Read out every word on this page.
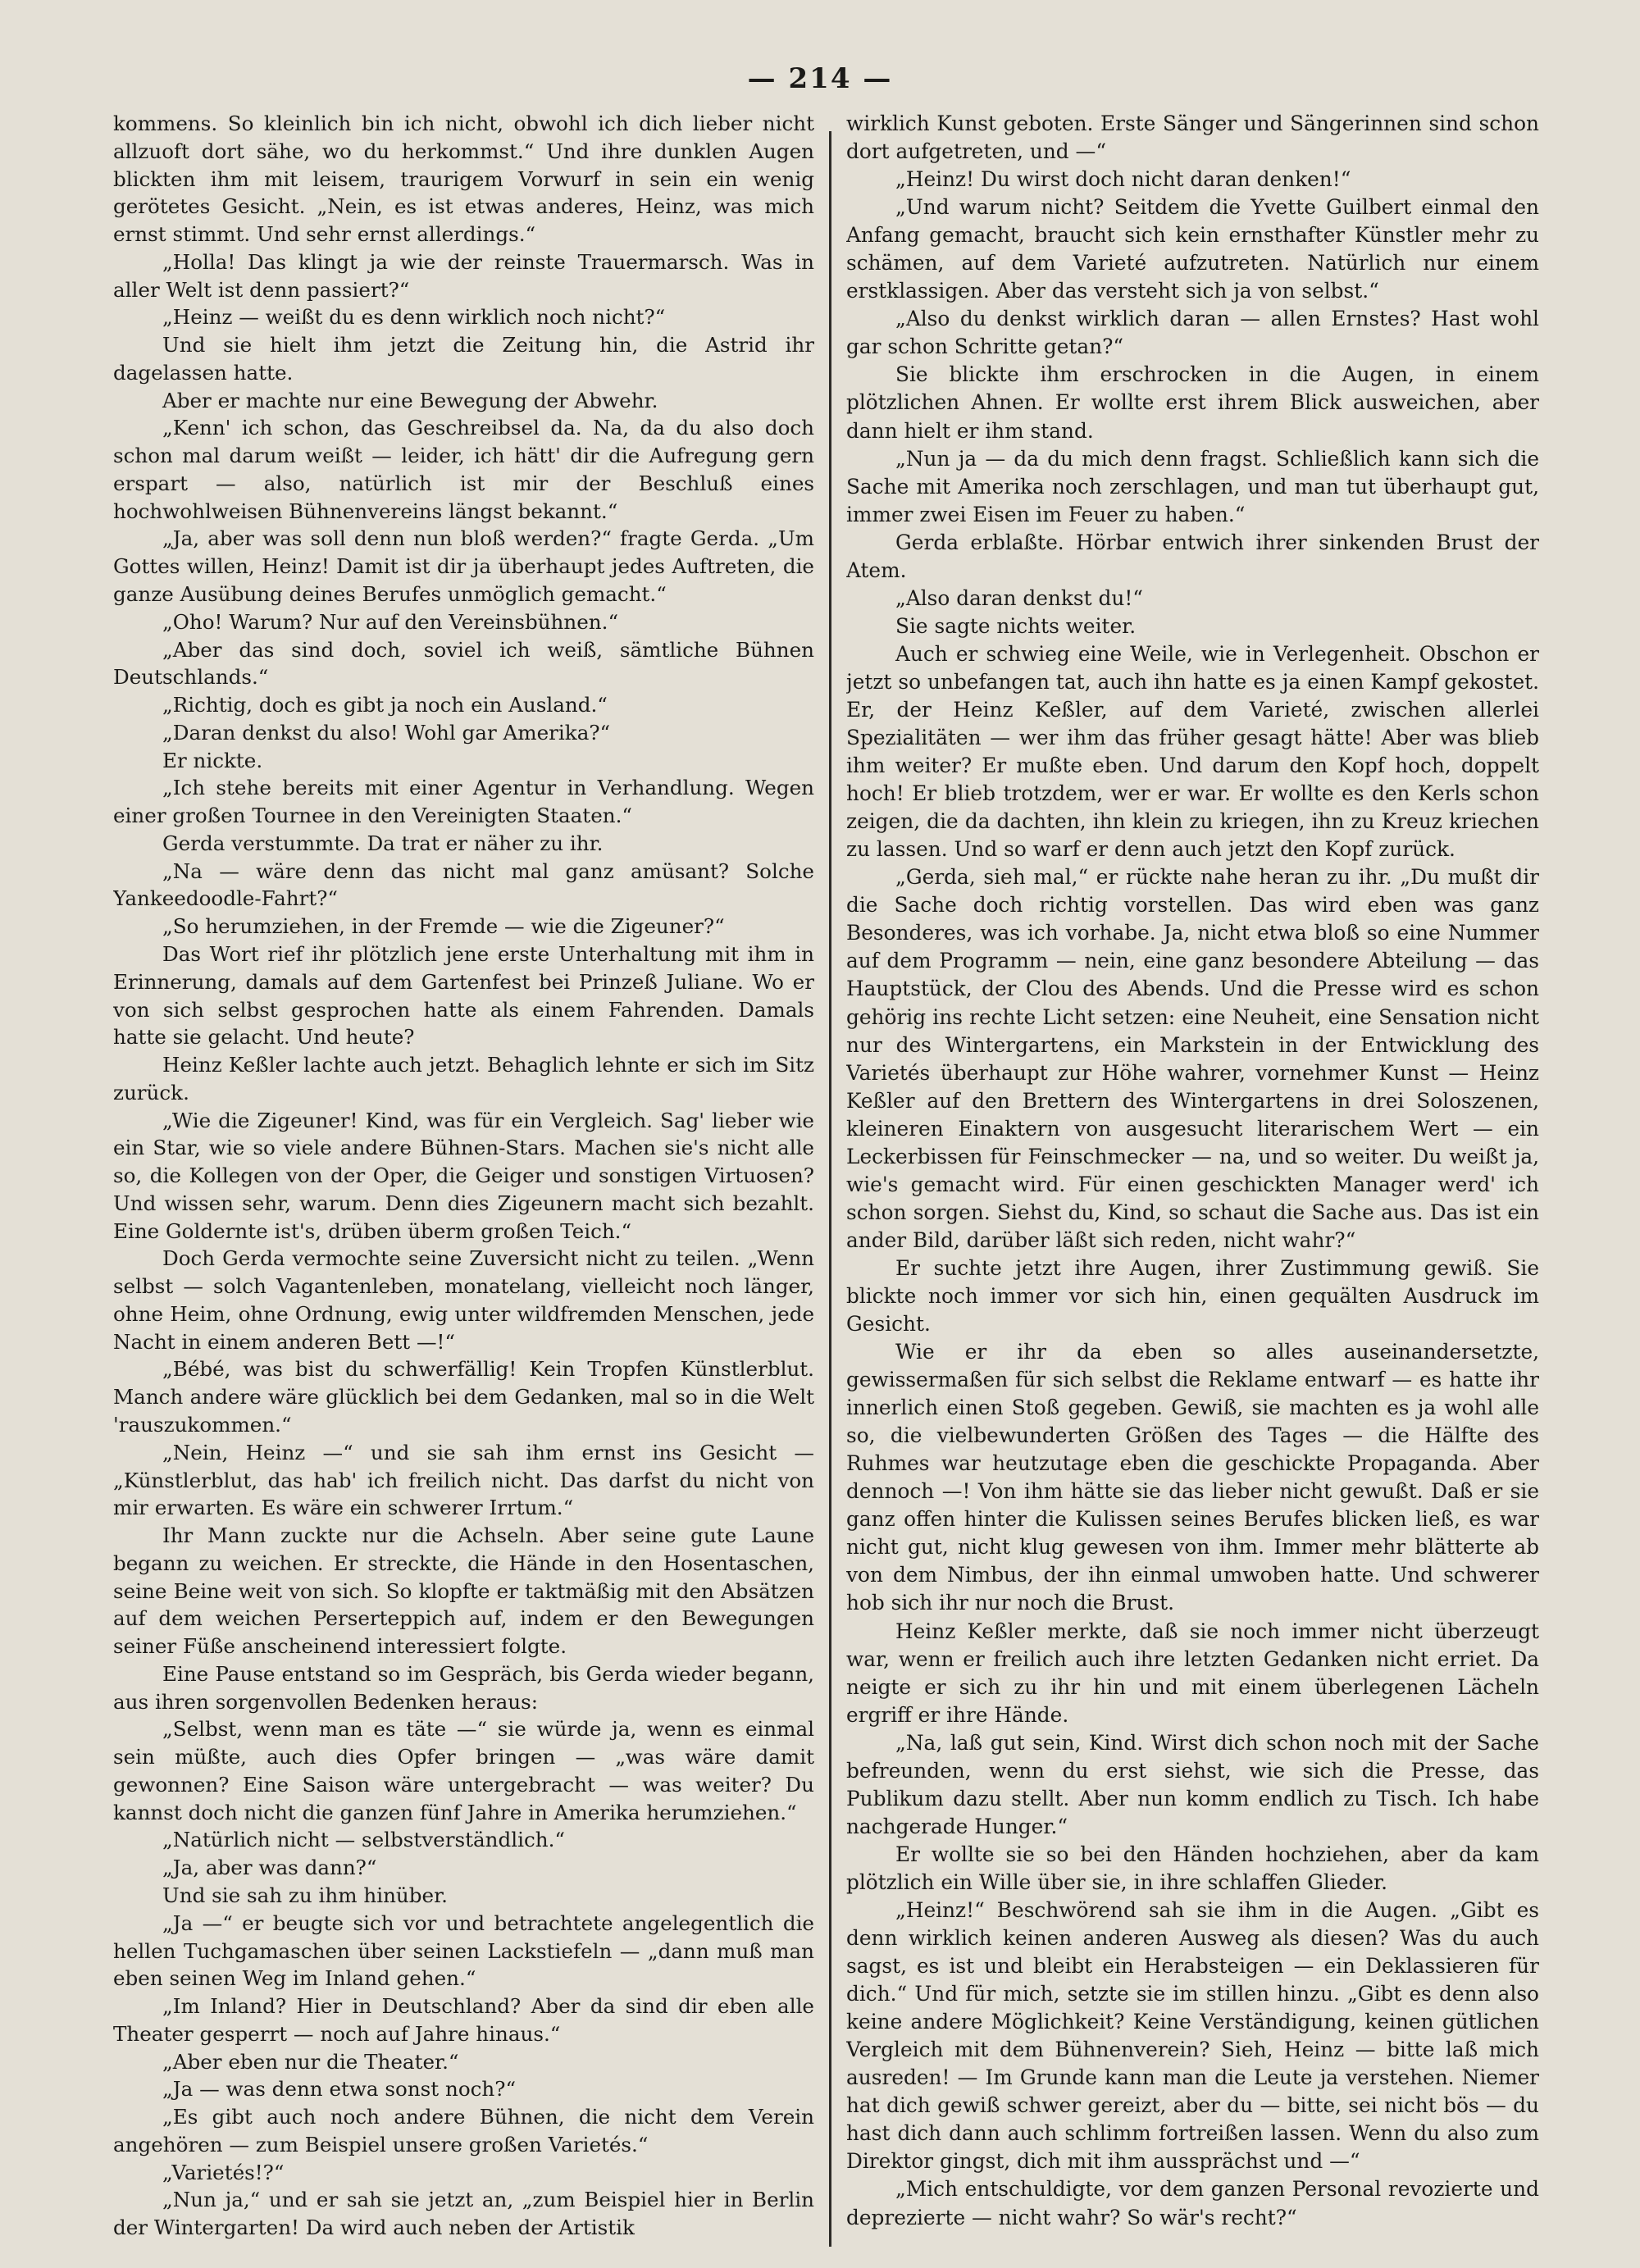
— 214 —

kommens. So kleinlich bin ich nicht, obwohl ich dich lieber nicht allzuoft dort sähe, wo du herkommst.“ Und ihre dunklen Augen blickten ihm mit leisem, traurigem Vorwurf in sein ein wenig gerötetes Gesicht. „Nein, es ist etwas anderes, Heinz, was mich ernst stimmt. Und sehr ernst allerdings.“

„Holla! Das klingt ja wie der reinste Trauermarsch. Was in aller Welt ist denn passiert?“

„Heinz — weißt du es denn wirklich noch nicht?“

Und sie hielt ihm jetzt die Zeitung hin, die Astrid ihr dagelassen hatte.

Aber er machte nur eine Bewegung der Abwehr.

„Kenn' ich schon, das Geschreibsel da. Na, da du also doch schon mal darum weißt — leider, ich hätt' dir die Aufregung gern erspart — also, natürlich ist mir der Beschluß eines hochwohlweisen Bühnenvereins längst bekannt.“

„Ja, aber was soll denn nun bloß werden?“ fragte Gerda. „Um Gottes willen, Heinz! Damit ist dir ja überhaupt jedes Auftreten, die ganze Ausübung deines Berufes unmöglich gemacht.“

„Oho! Warum? Nur auf den Vereinsbühnen.“

„Aber das sind doch, soviel ich weiß, sämtliche Bühnen Deutschlands.“

„Richtig, doch es gibt ja noch ein Ausland.“

„Daran denkst du also! Wohl gar Amerika?“

Er nickte.

„Ich stehe bereits mit einer Agentur in Verhandlung. Wegen einer großen Tournee in den Vereinigten Staaten.“

Gerda verstummte. Da trat er näher zu ihr.

„Na — wäre denn das nicht mal ganz amüsant? Solche Yankeedoodle-Fahrt?“

„So herumziehen, in der Fremde — wie die Zigeuner?“

Das Wort rief ihr plötzlich jene erste Unterhaltung mit ihm in Erinnerung, damals auf dem Gartenfest bei Prinzeß Juliane. Wo er von sich selbst gesprochen hatte als einem Fahrenden. Damals hatte sie gelacht. Und heute?

Heinz Keßler lachte auch jetzt. Behaglich lehnte er sich im Sitz zurück.

„Wie die Zigeuner! Kind, was für ein Vergleich. Sag' lieber wie ein Star, wie so viele andere Bühnen-Stars. Machen sie's nicht alle so, die Kollegen von der Oper, die Geiger und sonstigen Virtuosen? Und wissen sehr, warum. Denn dies Zigeunern macht sich bezahlt. Eine Goldernte ist's, drüben überm großen Teich.“

Doch Gerda vermochte seine Zuversicht nicht zu teilen. „Wenn selbst — solch Vagantenleben, monatelang, vielleicht noch länger, ohne Heim, ohne Ordnung, ewig unter wildfremden Menschen, jede Nacht in einem anderen Bett —!“

„Bébé, was bist du schwerfällig! Kein Tropfen Künstlerblut. Manch andere wäre glücklich bei dem Gedanken, mal so in die Welt 'rauszukommen.“

„Nein, Heinz —“ und sie sah ihm ernst ins Gesicht — „Künstlerblut, das hab' ich freilich nicht. Das darfst du nicht von mir erwarten. Es wäre ein schwerer Irrtum.“

Ihr Mann zuckte nur die Achseln. Aber seine gute Laune begann zu weichen. Er streckte, die Hände in den Hosentaschen, seine Beine weit von sich. So klopfte er taktmäßig mit den Absätzen auf dem weichen Perserteppich auf, indem er den Bewegungen seiner Füße anscheinend interessiert folgte.

Eine Pause entstand so im Gespräch, bis Gerda wieder begann, aus ihren sorgenvollen Bedenken heraus:

„Selbst, wenn man es täte —“ sie würde ja, wenn es einmal sein müßte, auch dies Opfer bringen — „was wäre damit gewonnen? Eine Saison wäre untergebracht — was weiter? Du kannst doch nicht die ganzen fünf Jahre in Amerika herumziehen.“

„Natürlich nicht — selbstverständlich.“

„Ja, aber was dann?“

Und sie sah zu ihm hinüber.

„Ja —“ er beugte sich vor und betrachtete angelegentlich die hellen Tuchgamaschen über seinen Lackstiefeln — „dann muß man eben seinen Weg im Inland gehen.“

„Im Inland? Hier in Deutschland? Aber da sind dir eben alle Theater gesperrt — noch auf Jahre hinaus.“

„Aber eben nur die Theater.“

„Ja — was denn etwa sonst noch?“

„Es gibt auch noch andere Bühnen, die nicht dem Verein angehören — zum Beispiel unsere großen Varietés.“

„Varietés!?“

„Nun ja,“ und er sah sie jetzt an, „zum Beispiel hier in Berlin der Wintergarten! Da wird auch neben der Artistik

wirklich Kunst geboten. Erste Sänger und Sängerinnen sind schon dort aufgetreten, und —“

„Heinz! Du wirst doch nicht daran denken!“

„Und warum nicht? Seitdem die Yvette Guilbert einmal den Anfang gemacht, braucht sich kein ernsthafter Künstler mehr zu schämen, auf dem Varieté aufzutreten. Natürlich nur einem erstklassigen. Aber das versteht sich ja von selbst.“

„Also du denkst wirklich daran — allen Ernstes? Hast wohl gar schon Schritte getan?“

Sie blickte ihm erschrocken in die Augen, in einem plötzlichen Ahnen. Er wollte erst ihrem Blick ausweichen, aber dann hielt er ihm stand.

„Nun ja — da du mich denn fragst. Schließlich kann sich die Sache mit Amerika noch zerschlagen, und man tut überhaupt gut, immer zwei Eisen im Feuer zu haben.“

Gerda erblaßte. Hörbar entwich ihrer sinkenden Brust der Atem.

„Also daran denkst du!“

Sie sagte nichts weiter.

Auch er schwieg eine Weile, wie in Verlegenheit. Obschon er jetzt so unbefangen tat, auch ihn hatte es ja einen Kampf gekostet. Er, der Heinz Keßler, auf dem Varieté, zwischen allerlei Spezialitäten — wer ihm das früher gesagt hätte! Aber was blieb ihm weiter? Er mußte eben. Und darum den Kopf hoch, doppelt hoch! Er blieb trotzdem, wer er war. Er wollte es den Kerls schon zeigen, die da dachten, ihn klein zu kriegen, ihn zu Kreuz kriechen zu lassen. Und so warf er denn auch jetzt den Kopf zurück.

„Gerda, sieh mal,“ er rückte nahe heran zu ihr. „Du mußt dir die Sache doch richtig vorstellen. Das wird eben was ganz Besonderes, was ich vorhabe. Ja, nicht etwa bloß so eine Nummer auf dem Programm — nein, eine ganz besondere Abteilung — das Hauptstück, der Clou des Abends. Und die Presse wird es schon gehörig ins rechte Licht setzen: eine Neuheit, eine Sensation nicht nur des Wintergartens, ein Markstein in der Entwicklung des Varietés überhaupt zur Höhe wahrer, vornehmer Kunst — Heinz Keßler auf den Brettern des Wintergartens in drei Soloszenen, kleineren Einaktern von ausgesucht literarischem Wert — ein Leckerbissen für Feinschmecker — na, und so weiter. Du weißt ja, wie's gemacht wird. Für einen geschickten Manager werd' ich schon sorgen. Siehst du, Kind, so schaut die Sache aus. Das ist ein ander Bild, darüber läßt sich reden, nicht wahr?“

Er suchte jetzt ihre Augen, ihrer Zustimmung gewiß. Sie blickte noch immer vor sich hin, einen gequälten Ausdruck im Gesicht.

Wie er ihr da eben so alles auseinandersetzte, gewissermaßen für sich selbst die Reklame entwarf — es hatte ihr innerlich einen Stoß gegeben. Gewiß, sie machten es ja wohl alle so, die vielbewunderten Größen des Tages — die Hälfte des Ruhmes war heutzutage eben die geschickte Propaganda. Aber dennoch —! Von ihm hätte sie das lieber nicht gewußt. Daß er sie ganz offen hinter die Kulissen seines Berufes blicken ließ, es war nicht gut, nicht klug gewesen von ihm. Immer mehr blätterte ab von dem Nimbus, der ihn einmal umwoben hatte. Und schwerer hob sich ihr nur noch die Brust.

Heinz Keßler merkte, daß sie noch immer nicht überzeugt war, wenn er freilich auch ihre letzten Gedanken nicht erriet. Da neigte er sich zu ihr hin und mit einem überlegenen Lächeln ergriff er ihre Hände.

„Na, laß gut sein, Kind. Wirst dich schon noch mit der Sache befreunden, wenn du erst siehst, wie sich die Presse, das Publikum dazu stellt. Aber nun komm endlich zu Tisch. Ich habe nachgerade Hunger.“

Er wollte sie so bei den Händen hochziehen, aber da kam plötzlich ein Wille über sie, in ihre schlaffen Glieder.

„Heinz!“ Beschwörend sah sie ihm in die Augen. „Gibt es denn wirklich keinen anderen Ausweg als diesen? Was du auch sagst, es ist und bleibt ein Herabsteigen — ein Deklassieren für dich.“ Und für mich, setzte sie im stillen hinzu. „Gibt es denn also keine andere Möglichkeit? Keine Verständigung, keinen gütlichen Vergleich mit dem Bühnenverein? Sieh, Heinz — bitte laß mich ausreden! — Im Grunde kann man die Leute ja verstehen. Niemer hat dich gewiß schwer gereizt, aber du — bitte, sei nicht bös — du hast dich dann auch schlimm fortreißen lassen. Wenn du also zum Direktor gingst, dich mit ihm aussprächst und —“

„Mich entschuldigte, vor dem ganzen Personal revozierte und deprezierte — nicht wahr? So wär's recht?“
